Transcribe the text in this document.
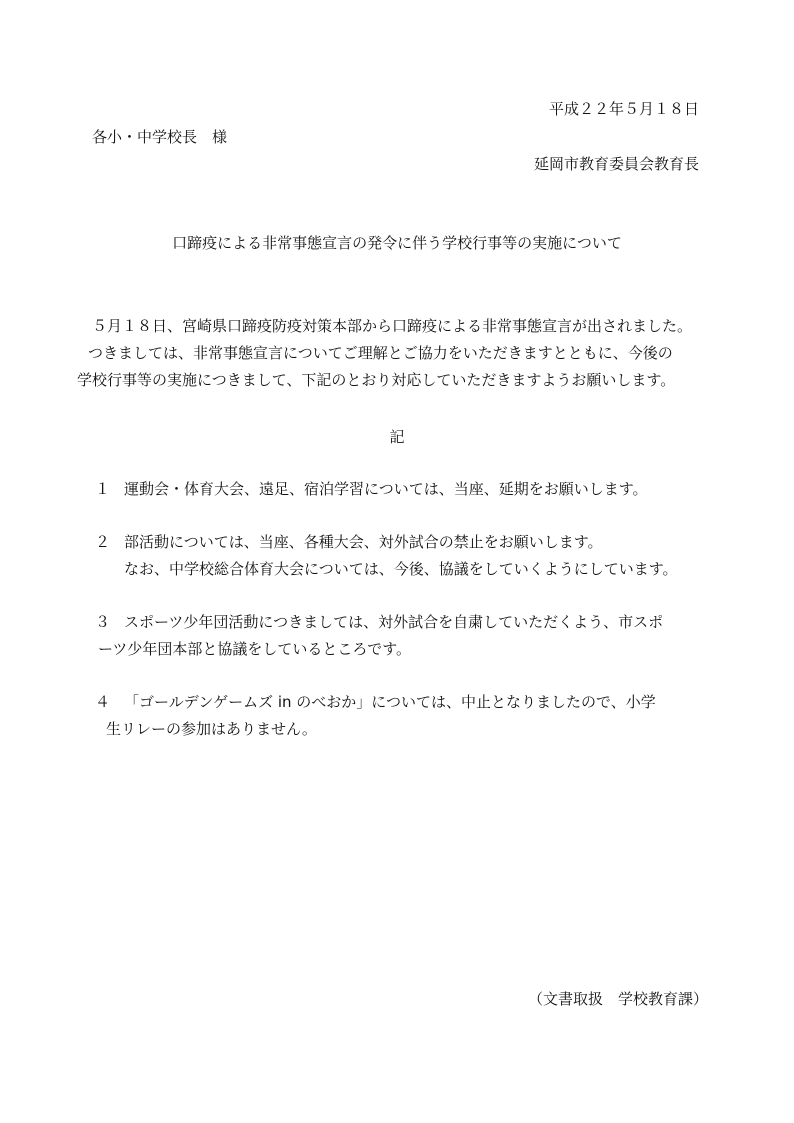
平成２２年５月１８日

各小・中学校長　様

延岡市教育委員会教育長

口蹄疫による非常事態宣言の発令に伴う学校行事等の実施について

５月１８日、宮崎県口蹄疫防疫対策本部から口蹄疫による非常事態宣言が出されました。

つきましては、非常事態宣言についてご理解とご協力をいただきますとともに、今後の

学校行事等の実施につきまして、下記のとおり対応していただきますようお願いします。

記

１ 運動会・体育大会、遠足、宿泊学習については、当座、延期をお願いします。
２ 部活動については、当座、各種大会、対外試合の禁止をお願いします。

なお、中学校総合体育大会については、今後、協議をしていくようにしています。

３ スポーツ少年団活動につきましては、対外試合を自粛していただくよう、市スポ

ーツ少年団本部と協議をしているところです。

４ 「ゴールデンゲームズ in のべおか」については、中止となりましたので、小学

生リレーの参加はありません。

（文書取扱　学校教育課）
